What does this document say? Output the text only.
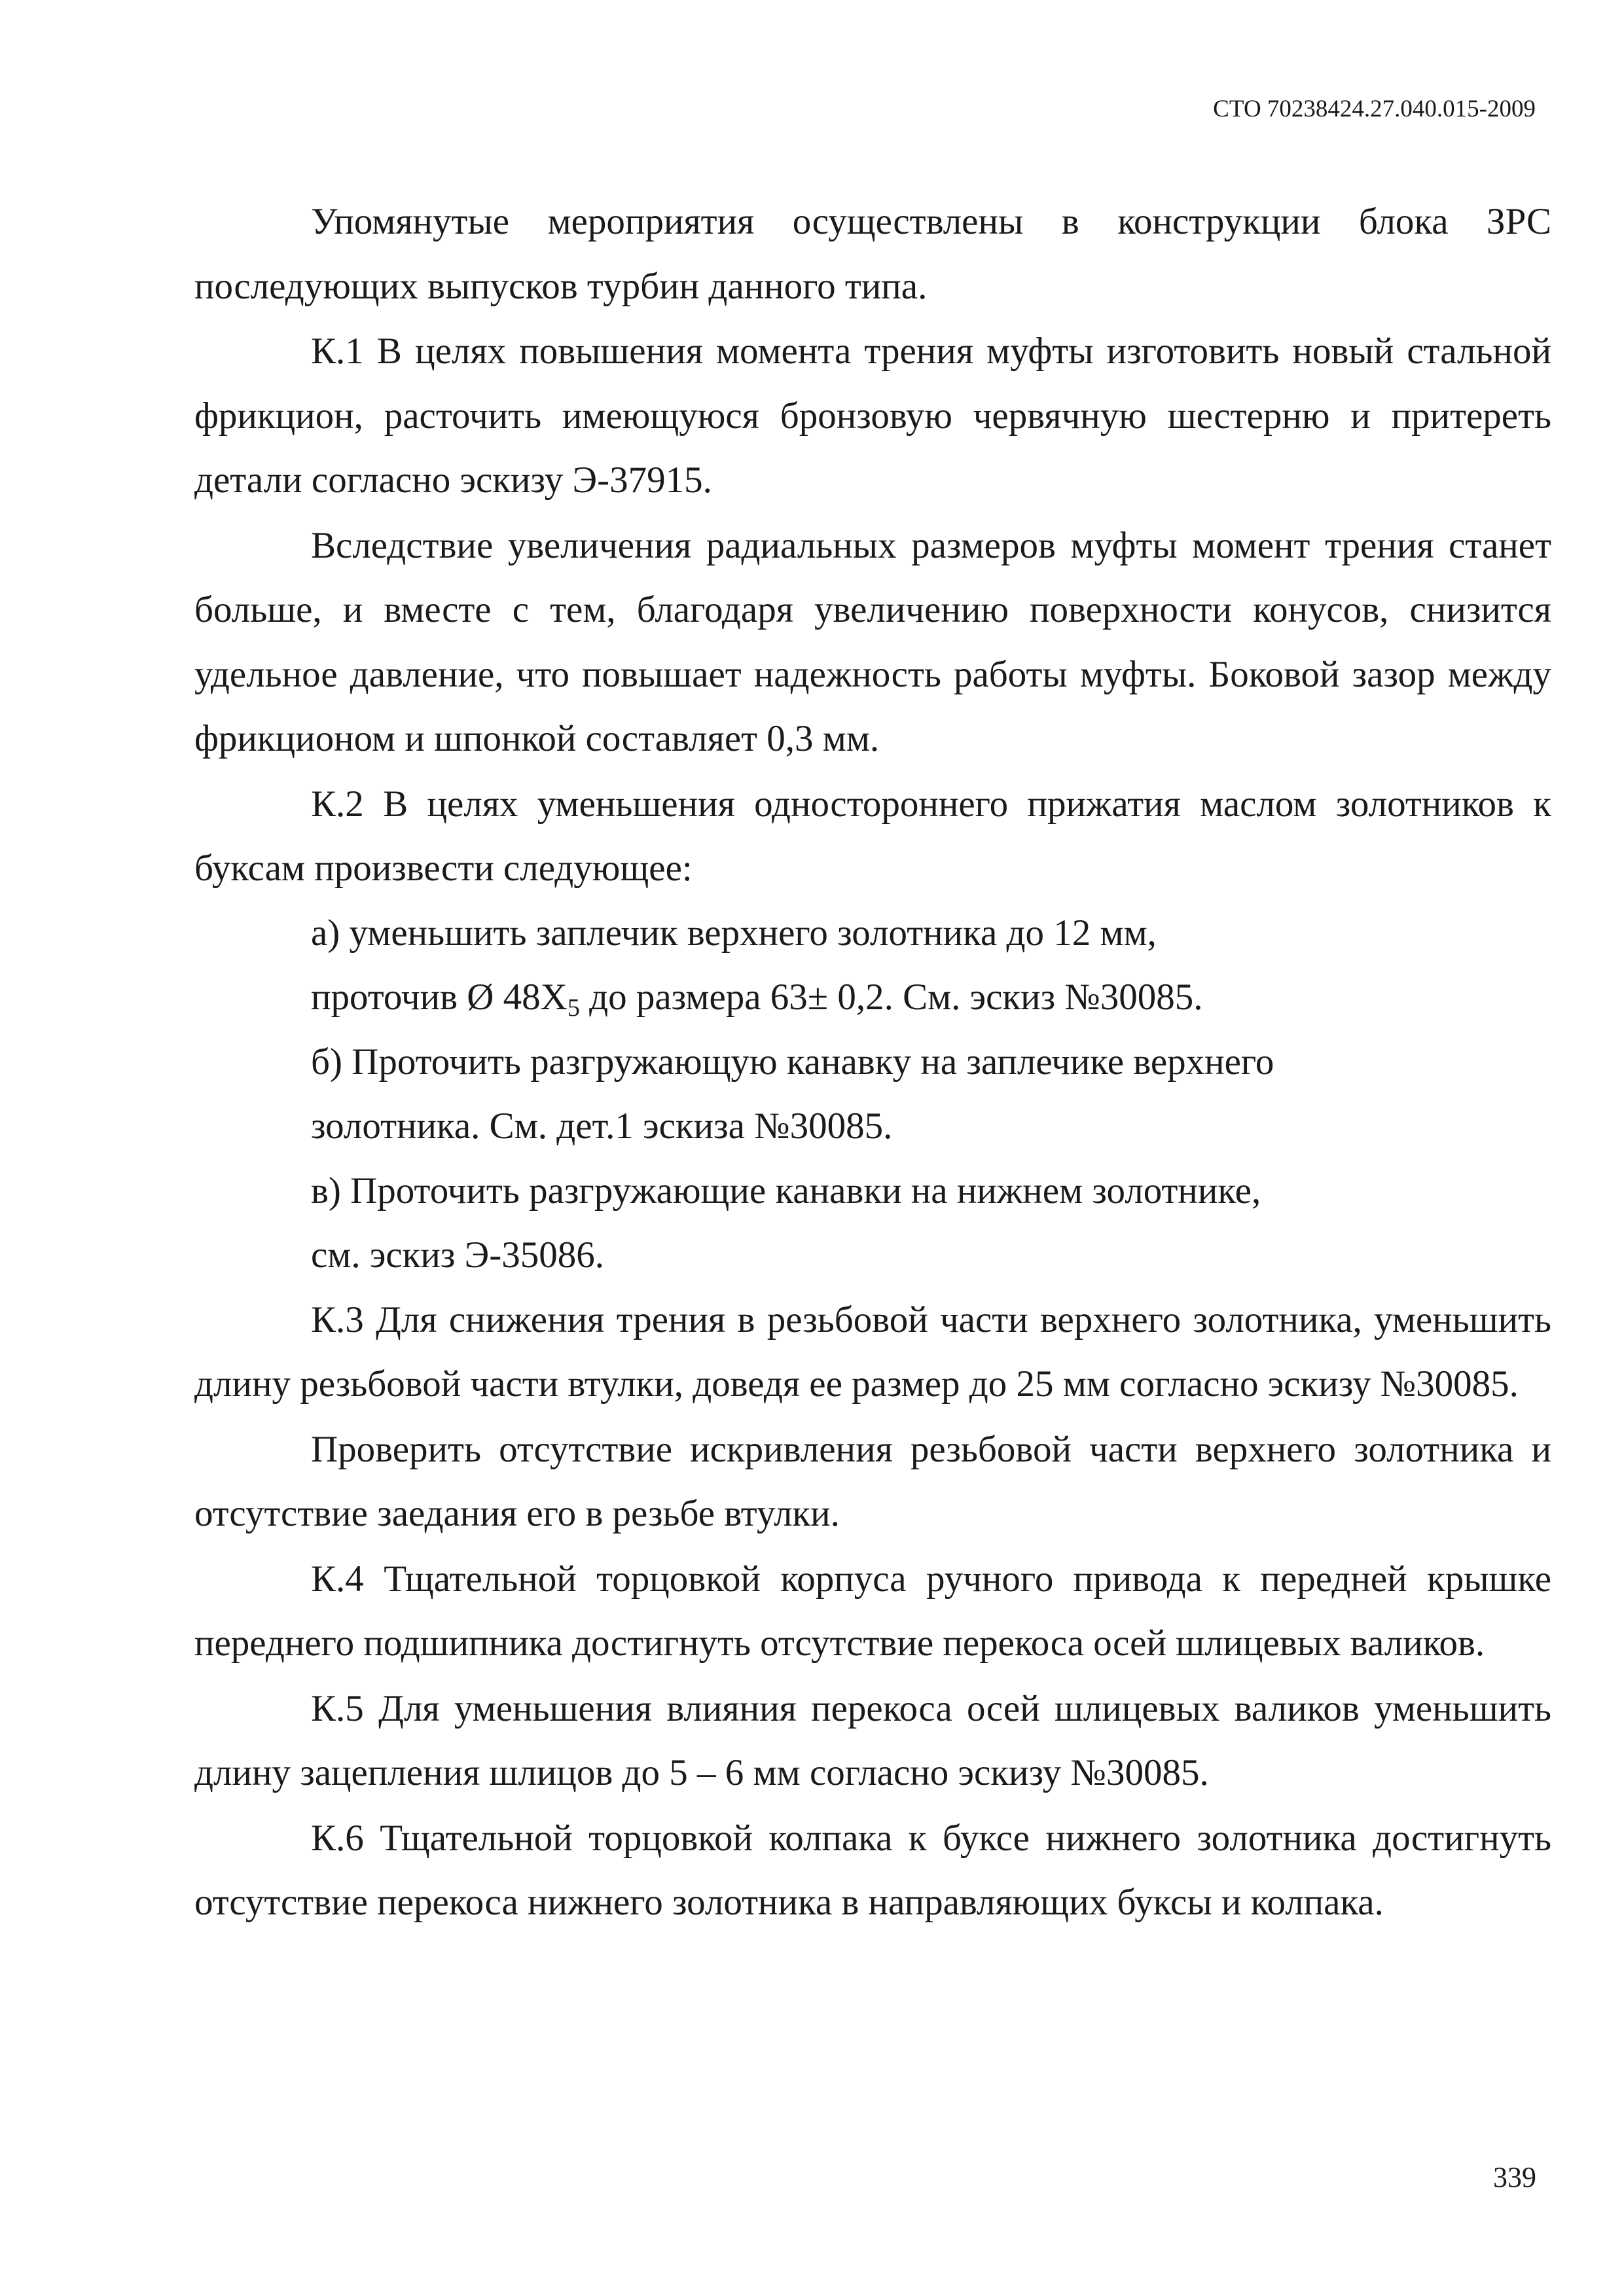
СТО 70238424.27.040.015-2009

Упомянутые мероприятия осуществлены в конструкции блока ЗРС последующих выпусков турбин данного типа.

К.1 В целях повышения момента трения муфты изготовить новый стальной фрикцион, расточить имеющуюся бронзовую червячную шестерню и притереть детали согласно эскизу Э-37915.

Вследствие увеличения радиальных размеров муфты момент трения станет больше, и вместе с тем, благодаря увеличению поверхности конусов, снизится удельное давление, что повышает надежность работы муфты. Боковой зазор между фрикционом и шпонкой составляет 0,3 мм.

К.2 В целях уменьшения одностороннего прижатия маслом золотников к буксам произвести следующее:

а) уменьшить заплечик верхнего золотника до 12 мм,

проточив Ø $48Х_5$ до размера 63± 0,2. См. эскиз №30085.

б) Проточить разгружающую канавку на заплечике верхнего

золотника. См. дет.1 эскиза №30085.

в) Проточить разгружающие канавки на нижнем золотнике,

см. эскиз Э-35086.

К.3 Для снижения трения в резьбовой части верхнего золотника, уменьшить длину резьбовой части втулки, доведя ее размер до 25 мм согласно эскизу №30085.

Проверить отсутствие искривления резьбовой части верхнего золотника и отсутствие заедания его в резьбе втулки.

К.4 Тщательной торцовкой корпуса ручного привода к передней крышке переднего подшипника достигнуть отсутствие перекоса осей шлицевых валиков.

К.5 Для уменьшения влияния перекоса осей шлицевых валиков уменьшить длину зацепления шлицов до 5 – 6 мм согласно эскизу №30085.

К.6 Тщательной торцовкой колпака к буксе нижнего золотника достигнуть отсутствие перекоса нижнего золотника в направляющих буксы и колпака.

339
